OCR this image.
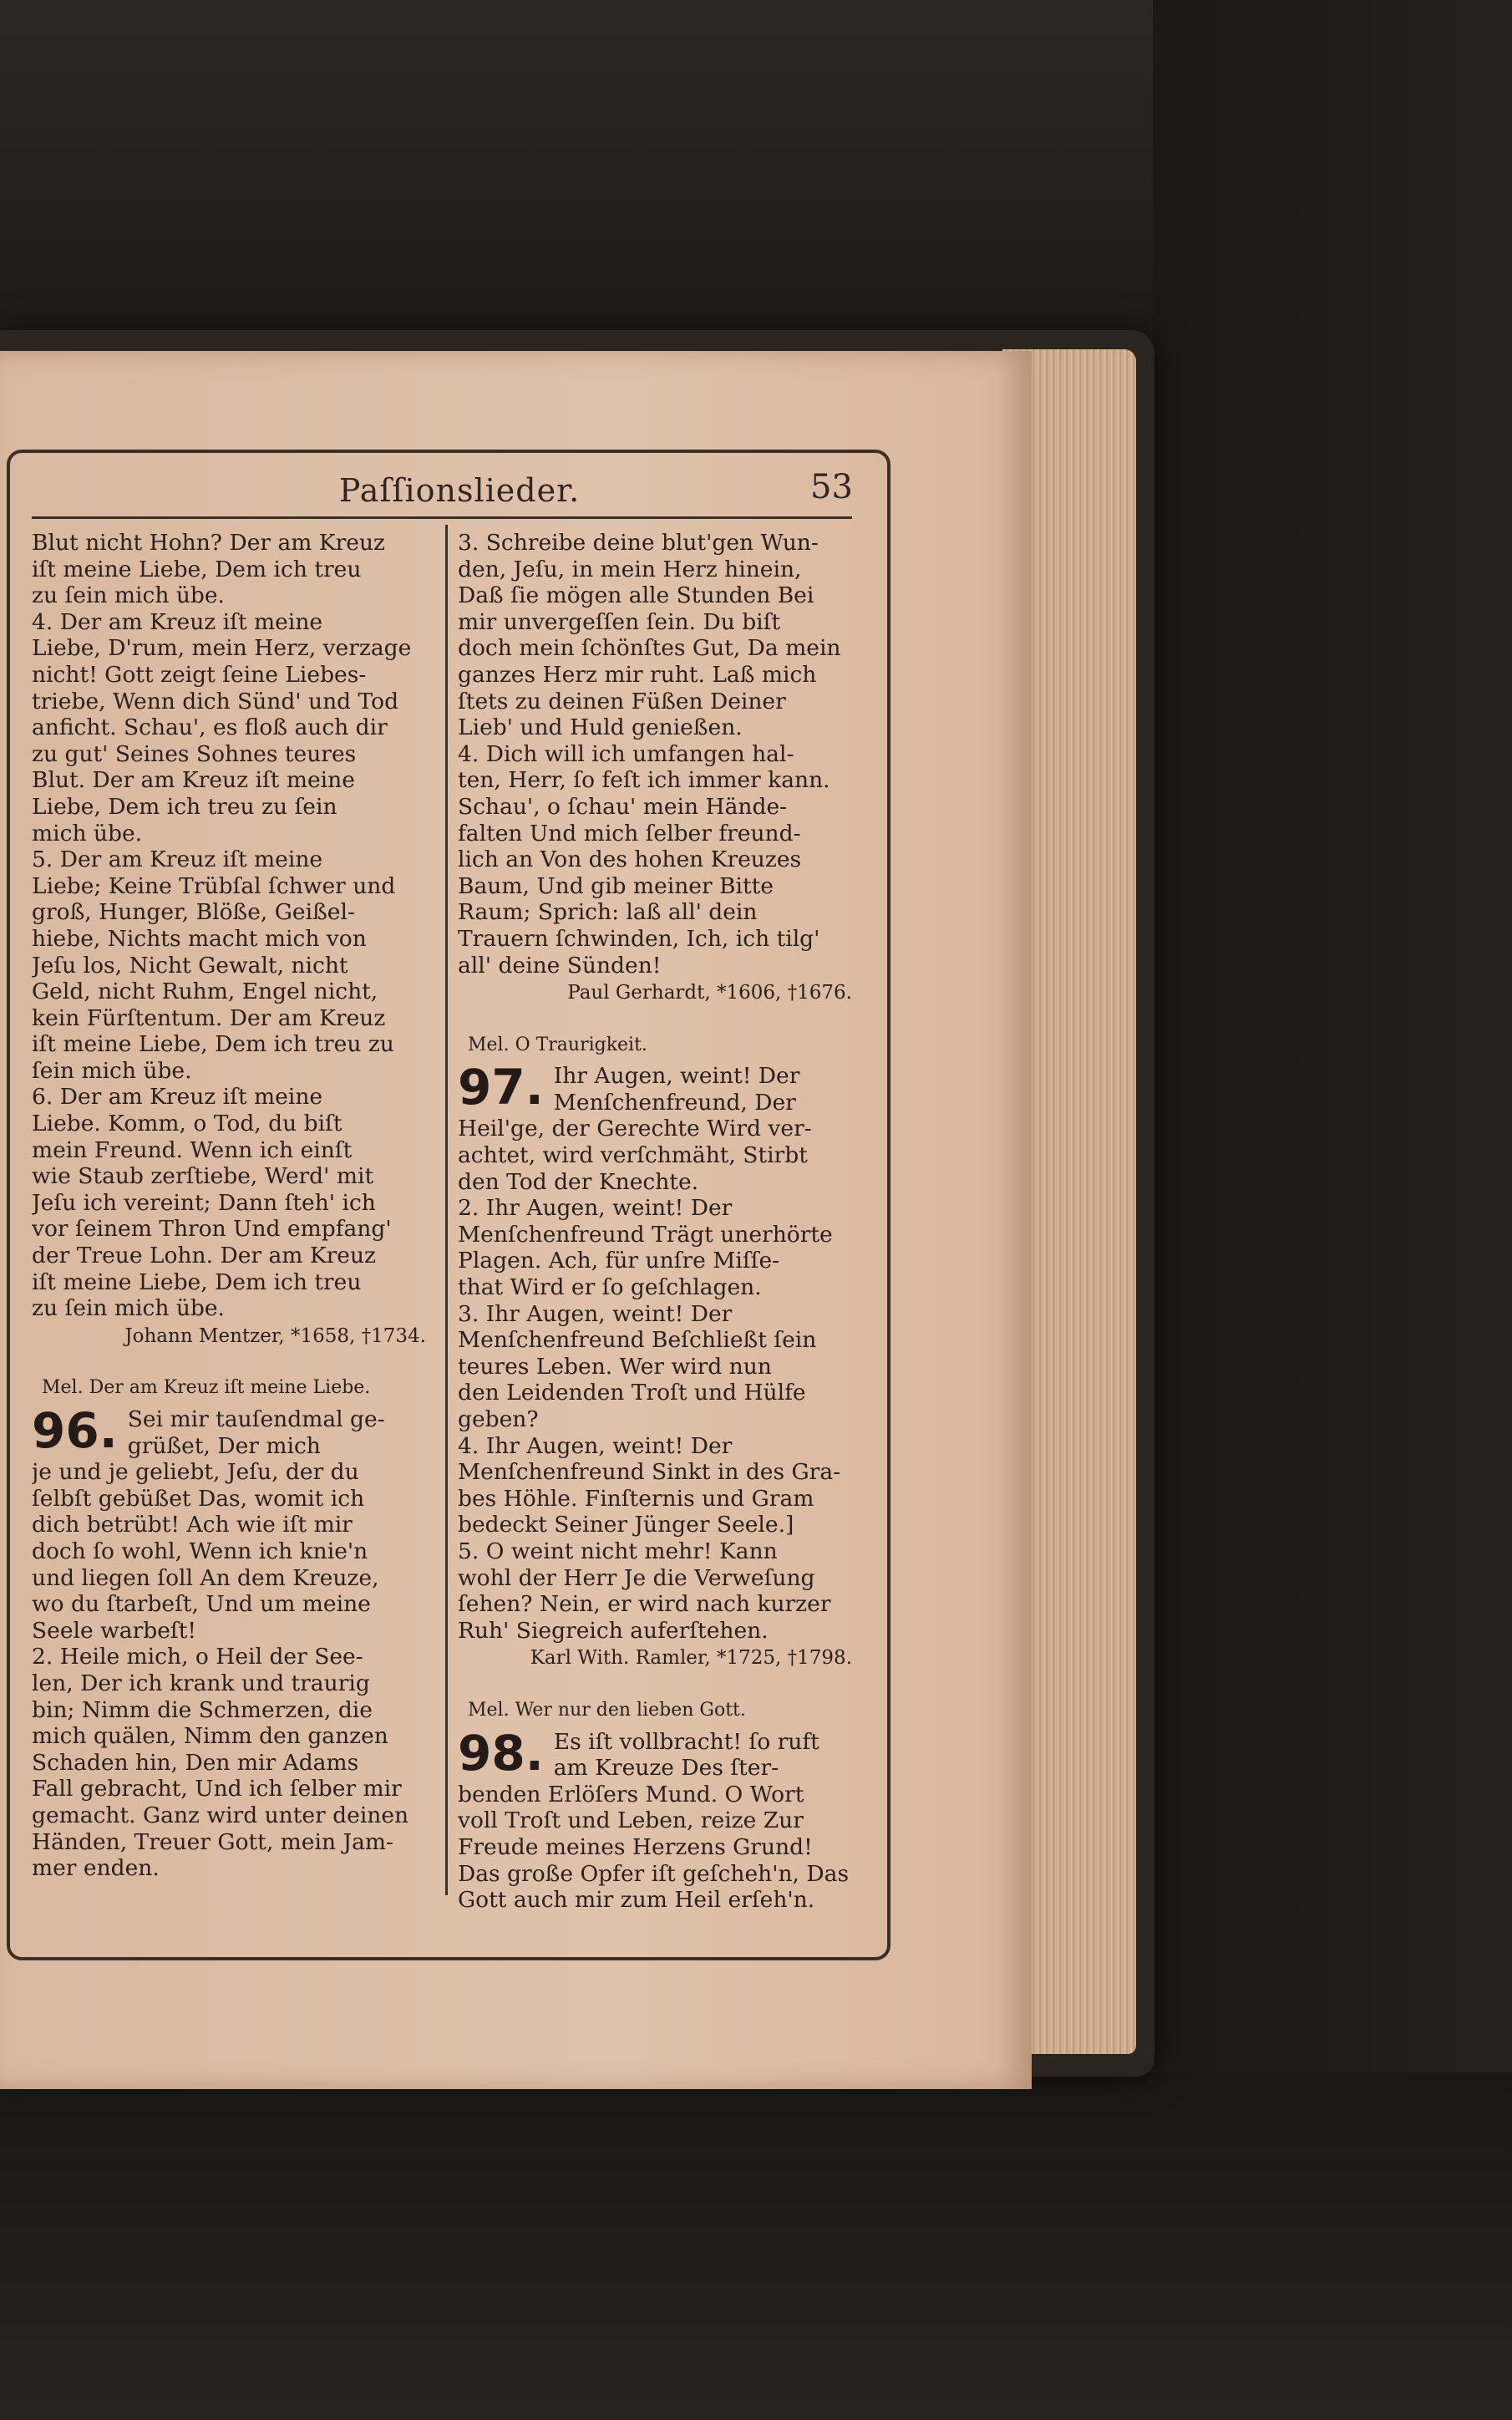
Paſſionslieder.	53
Blut nicht Hohn? Der am Kreuz
iſt meine Liebe, Dem ich treu
zu ſein mich übe.
4. Der am Kreuz iſt meine
Liebe, D'rum, mein Herz, verzage
nicht! Gott zeigt ſeine Liebes-
triebe, Wenn dich Sünd' und Tod
anficht. Schau', es floß auch dir
zu gut' Seines Sohnes teures
Blut. Der am Kreuz iſt meine
Liebe, Dem ich treu zu ſein
mich übe.
5. Der am Kreuz iſt meine
Liebe; Keine Trübſal ſchwer und
groß, Hunger, Blöße, Geißel-
hiebe, Nichts macht mich von
Jeſu los, Nicht Gewalt, nicht
Geld, nicht Ruhm, Engel nicht,
kein Fürſtentum. Der am Kreuz
iſt meine Liebe, Dem ich treu zu
ſein mich übe.
6. Der am Kreuz iſt meine
Liebe. Komm, o Tod, du biſt
mein Freund. Wenn ich einſt
wie Staub zerſtiebe, Werd' mit
Jeſu ich vereint; Dann ſteh' ich
vor ſeinem Thron Und empfang'
der Treue Lohn. Der am Kreuz
iſt meine Liebe, Dem ich treu
zu ſein mich übe.
Johann Mentzer, *1658, †1734.
Mel. Der am Kreuz iſt meine Liebe.
96. Sei mir tauſendmal ge-
grüßet, Der mich
je und je geliebt, Jeſu, der du
ſelbſt gebüßet Das, womit ich
dich betrübt! Ach wie iſt mir
doch ſo wohl, Wenn ich knie'n
und liegen ſoll An dem Kreuze,
wo du ſtarbeſt, Und um meine
Seele warbeſt!
2. Heile mich, o Heil der See-
len, Der ich krank und traurig
bin; Nimm die Schmerzen, die
mich quälen, Nimm den ganzen
Schaden hin, Den mir Adams
Fall gebracht, Und ich ſelber mir
gemacht. Ganz wird unter deinen
Händen, Treuer Gott, mein Jam-
mer enden.
3. Schreibe deine blut'gen Wun-
den, Jeſu, in mein Herz hinein,
Daß ſie mögen alle Stunden Bei
mir unvergeſſen ſein. Du biſt
doch mein ſchönſtes Gut, Da mein
ganzes Herz mir ruht. Laß mich
ſtets zu deinen Füßen Deiner
Lieb' und Huld genießen.
4. Dich will ich umfangen hal-
ten, Herr, ſo feſt ich immer kann.
Schau', o ſchau' mein Hände-
falten Und mich ſelber freund-
lich an Von des hohen Kreuzes
Baum, Und gib meiner Bitte
Raum; Sprich: laß all' dein
Trauern ſchwinden, Ich, ich tilg'
all' deine Sünden!
Paul Gerhardt, *1606, †1676.
Mel. O Traurigkeit.
97. Ihr Augen, weint! Der
Menſchenfreund, Der
Heil'ge, der Gerechte Wird ver-
achtet, wird verſchmäht, Stirbt
den Tod der Knechte.
2. Ihr Augen, weint! Der
Menſchenfreund Trägt unerhörte
Plagen. Ach, für unſre Miſſe-
that Wird er ſo geſchlagen.
3. Ihr Augen, weint! Der
Menſchenfreund Beſchließt ſein
teures Leben. Wer wird nun
den Leidenden Troſt und Hülfe
geben?
4. Ihr Augen, weint! Der
Menſchenfreund Sinkt in des Gra-
bes Höhle. Finſternis und Gram
bedeckt Seiner Jünger Seele.]
5. O weint nicht mehr! Kann
wohl der Herr Je die Verweſung
ſehen? Nein, er wird nach kurzer
Ruh' Siegreich auferſtehen.
Karl With. Ramler, *1725, †1798.
Mel. Wer nur den lieben Gott.
98. Es iſt vollbracht! ſo ruft
am Kreuze Des ſter-
benden Erlöſers Mund. O Wort
voll Troſt und Leben, reize Zur
Freude meines Herzens Grund!
Das große Opfer iſt geſcheh'n, Das
Gott auch mir zum Heil erſeh'n.
